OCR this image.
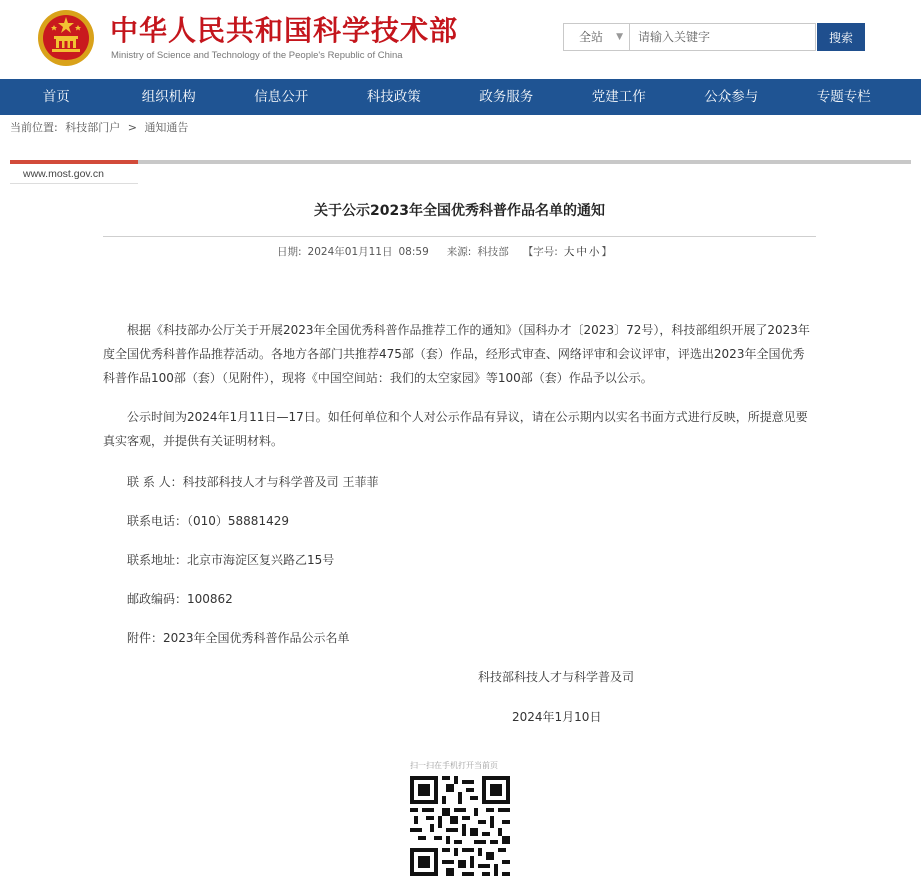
中华人民共和国科学技术部
Ministry of Science and Technology of the People's Republic of China
全站 ▼
请输入关键字	搜索
首页	组织机构	信息公开	科技政策	政务服务	党建工作	公众参与	专题专栏
当前位置: 科技部门户 > 通知通告
www.most.gov.cn
关于公示2023年全国优秀科普作品名单的通知
日期: 2024年01月11日 08:59 来源: 科技部 【字号: 大 中 小 】

根据《科技部办公厅关于开展2023年全国优秀科普作品推荐工作的通知》（国科办才〔2023〕72号），科技部组织开展了2023年度全国优秀科普作品推荐活动。各地方各部门共推荐475部（套）作品，经形式审查、网络评审和会议评审，评选出2023年全国优秀科普作品100部（套）（见附件），现将《中国空间站：我们的太空家园》等100部（套）作品予以公示。

公示时间为2024年1月11日—17日。如任何单位和个人对公示作品有异议，请在公示期内以实名书面方式进行反映，所提意见要真实客观，并提供有关证明材料。

联 系 人：科技部科技人才与科学普及司 王菲菲
联系电话：（010）58881429
联系地址：北京市海淀区复兴路乙15号
邮政编码：100862
附件：2023年全国优秀科普作品公示名单
科技部科技人才与科学普及司
2024年1月10日
扫一扫在手机打开当前页
